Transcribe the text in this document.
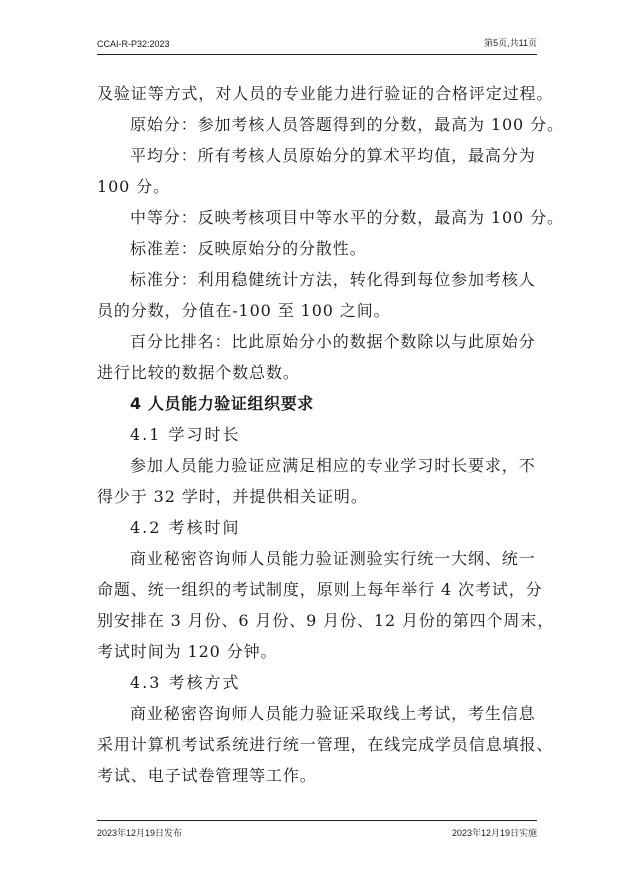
CCAI-R-P32:2023	第5页,共11页
及验证等方式，对人员的专业能力进行验证的合格评定过程。
原始分：参加考核人员答题得到的分数，最高为 100 分。
平均分：所有考核人员原始分的算术平均值，最高分为
100 分。
中等分：反映考核项目中等水平的分数，最高为 100 分。
标准差：反映原始分的分散性。
标准分：利用稳健统计方法，转化得到每位参加考核人
员的分数，分值在-100 至 100 之间。
百分比排名：比此原始分小的数据个数除以与此原始分
进行比较的数据个数总数。
4 人员能力验证组织要求
4.1 学习时长
参加人员能力验证应满足相应的专业学习时长要求，不
得少于 32 学时，并提供相关证明。
4.2 考核时间
商业秘密咨询师人员能力验证测验实行统一大纲、统一
命题、统一组织的考试制度，原则上每年举行 4 次考试，分
别安排在 3 月份、6 月份、9 月份、12 月份的第四个周末，
考试时间为 120 分钟。
4.3 考核方式
商业秘密咨询师人员能力验证采取线上考试，考生信息
采用计算机考试系统进行统一管理，在线完成学员信息填报、
考试、电子试卷管理等工作。
2023年12月19日发布	2023年12月19日实施
